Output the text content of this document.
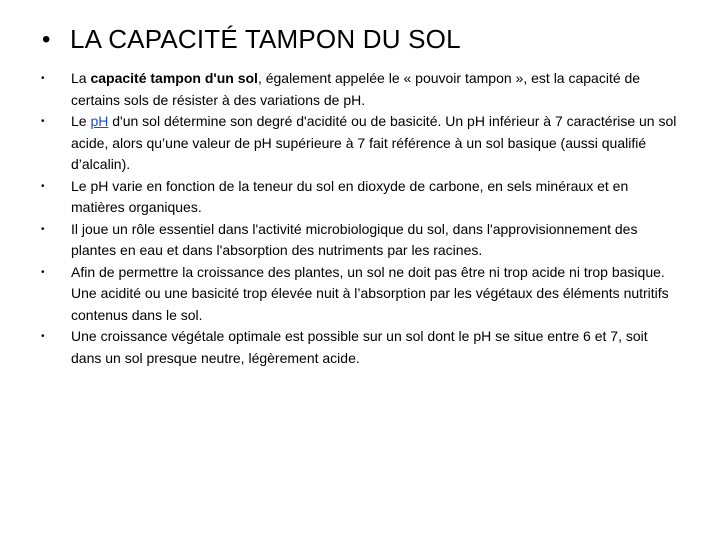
• LA CAPACITÉ TAMPON DU SOL
•	La capacité tampon d'un sol, également appelée le « pouvoir tampon », est la capacité de certains sols de résister à des variations de pH.
•	Le pH d'un sol détermine son degré d'acidité ou de basicité. Un pH inférieur à 7 caractérise un sol acide, alors qu’une valeur de pH supérieure à 7 fait référence à un sol basique (aussi qualifié d’alcalin).
•	Le pH varie en fonction de la teneur du sol en dioxyde de carbone, en sels minéraux et en matières organiques.
•	Il joue un rôle essentiel dans l'activité microbiologique du sol, dans l'approvisionnement des plantes en eau et dans l'absorption des nutriments par les racines.
•	Afin de permettre la croissance des plantes, un sol ne doit pas être ni trop acide ni trop basique. Une acidité ou une basicité trop élevée nuit à l’absorption par les végétaux des éléments nutritifs contenus dans le sol.
•	Une croissance végétale optimale est possible sur un sol dont le pH se situe entre 6 et 7, soit dans un sol presque neutre, légèrement acide.
